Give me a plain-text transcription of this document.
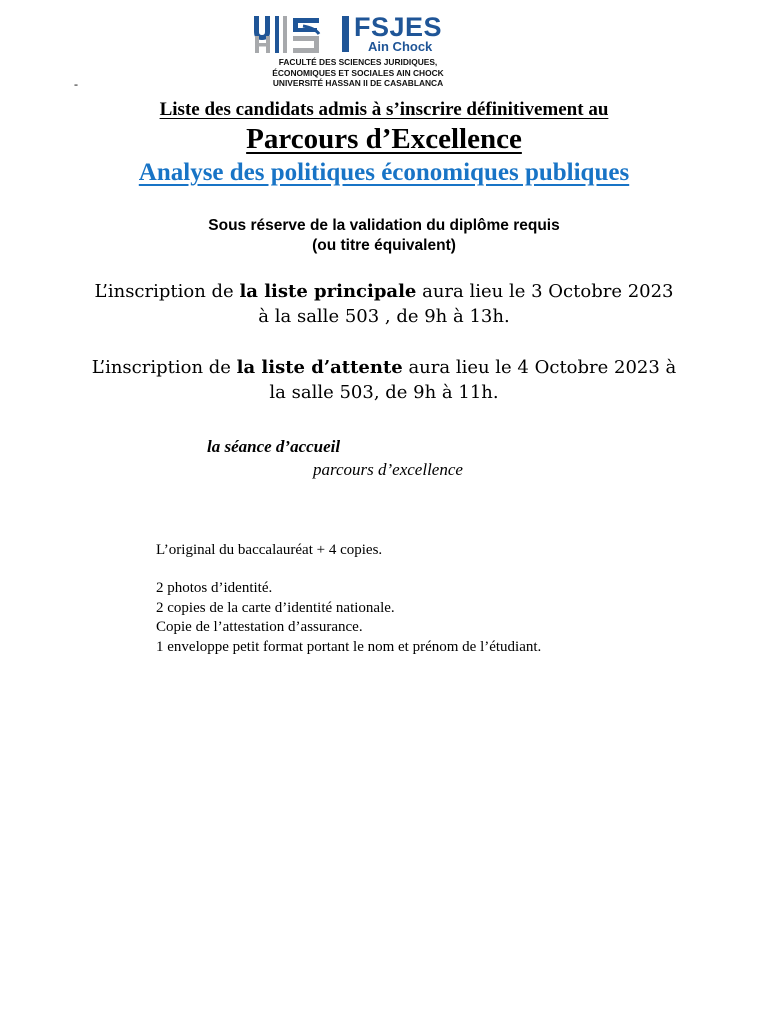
FSJES
Ain Chock
FACULTÉ DES SCIENCES JURIDIQUES,
ÉCONOMIQUES ET SOCIALES AIN CHOCK
UNIVERSITÉ HASSAN II DE CASABLANCA
-
Liste des candidats admis à s’inscrire définitivement au
Parcours d’Excellence
Analyse des politiques économiques publiques
Sous réserve de la validation du diplôme requis
(ou titre équivalent)
L’inscription de la liste principale aura lieu le 3 Octobre 2023
à la salle 503 , de 9h à 13h.
L’inscription de la liste d’attente aura lieu le 4 Octobre 2023 à
la salle 503, de 9h à 11h.
la séance d’accueil
parcours d’excellence
L’original du baccalauréat + 4 copies.
2 photos d’identité.
2 copies de la carte d’identité nationale.
Copie de l’attestation d’assurance.
1 enveloppe petit format portant le nom et prénom de l’étudiant.
